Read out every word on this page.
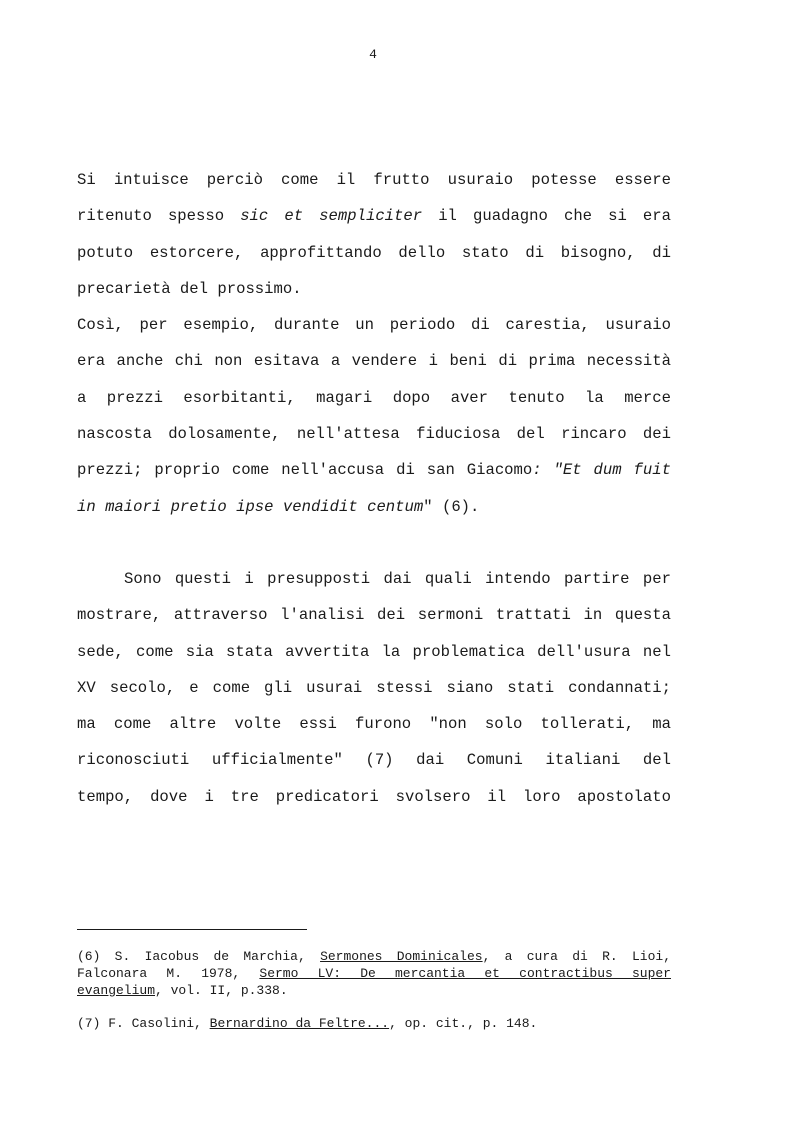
4
Si intuisce perciò come il frutto usuraio potesse essere
ritenuto spesso sic et sempliciter il guadagno che si era
potuto estorcere, approfittando dello stato di bisogno, di
precarietà del prossimo.
Così, per esempio, durante un periodo di carestia, usuraio
era anche chi non esitava a vendere i beni di prima necessità
a prezzi esorbitanti, magari dopo aver tenuto la merce
nascosta dolosamente, nell'attesa fiduciosa del rincaro dei
prezzi; proprio come nell'accusa di san Giacomo: "Et dum fuit
in maiori pretio ipse vendidit centum" (6).
Sono questi i presupposti dai quali intendo partire per
mostrare, attraverso l'analisi dei sermoni trattati in questa
sede, come sia stata avvertita la problematica dell'usura nel
XV secolo, e come gli usurai stessi siano stati condannati;
ma come altre volte essi furono "non solo tollerati, ma
riconosciuti ufficialmente" (7) dai Comuni italiani del
tempo, dove i tre predicatori svolsero il loro apostolato
(6) S. Iacobus de Marchia, Sermones Dominicales, a cura di R. Lioi,
Falconara M. 1978, Sermo LV: De mercantia et contractibus super
evangelium, vol. II, p.338.
(7) F. Casolini, Bernardino da Feltre..., op. cit., p. 148.
